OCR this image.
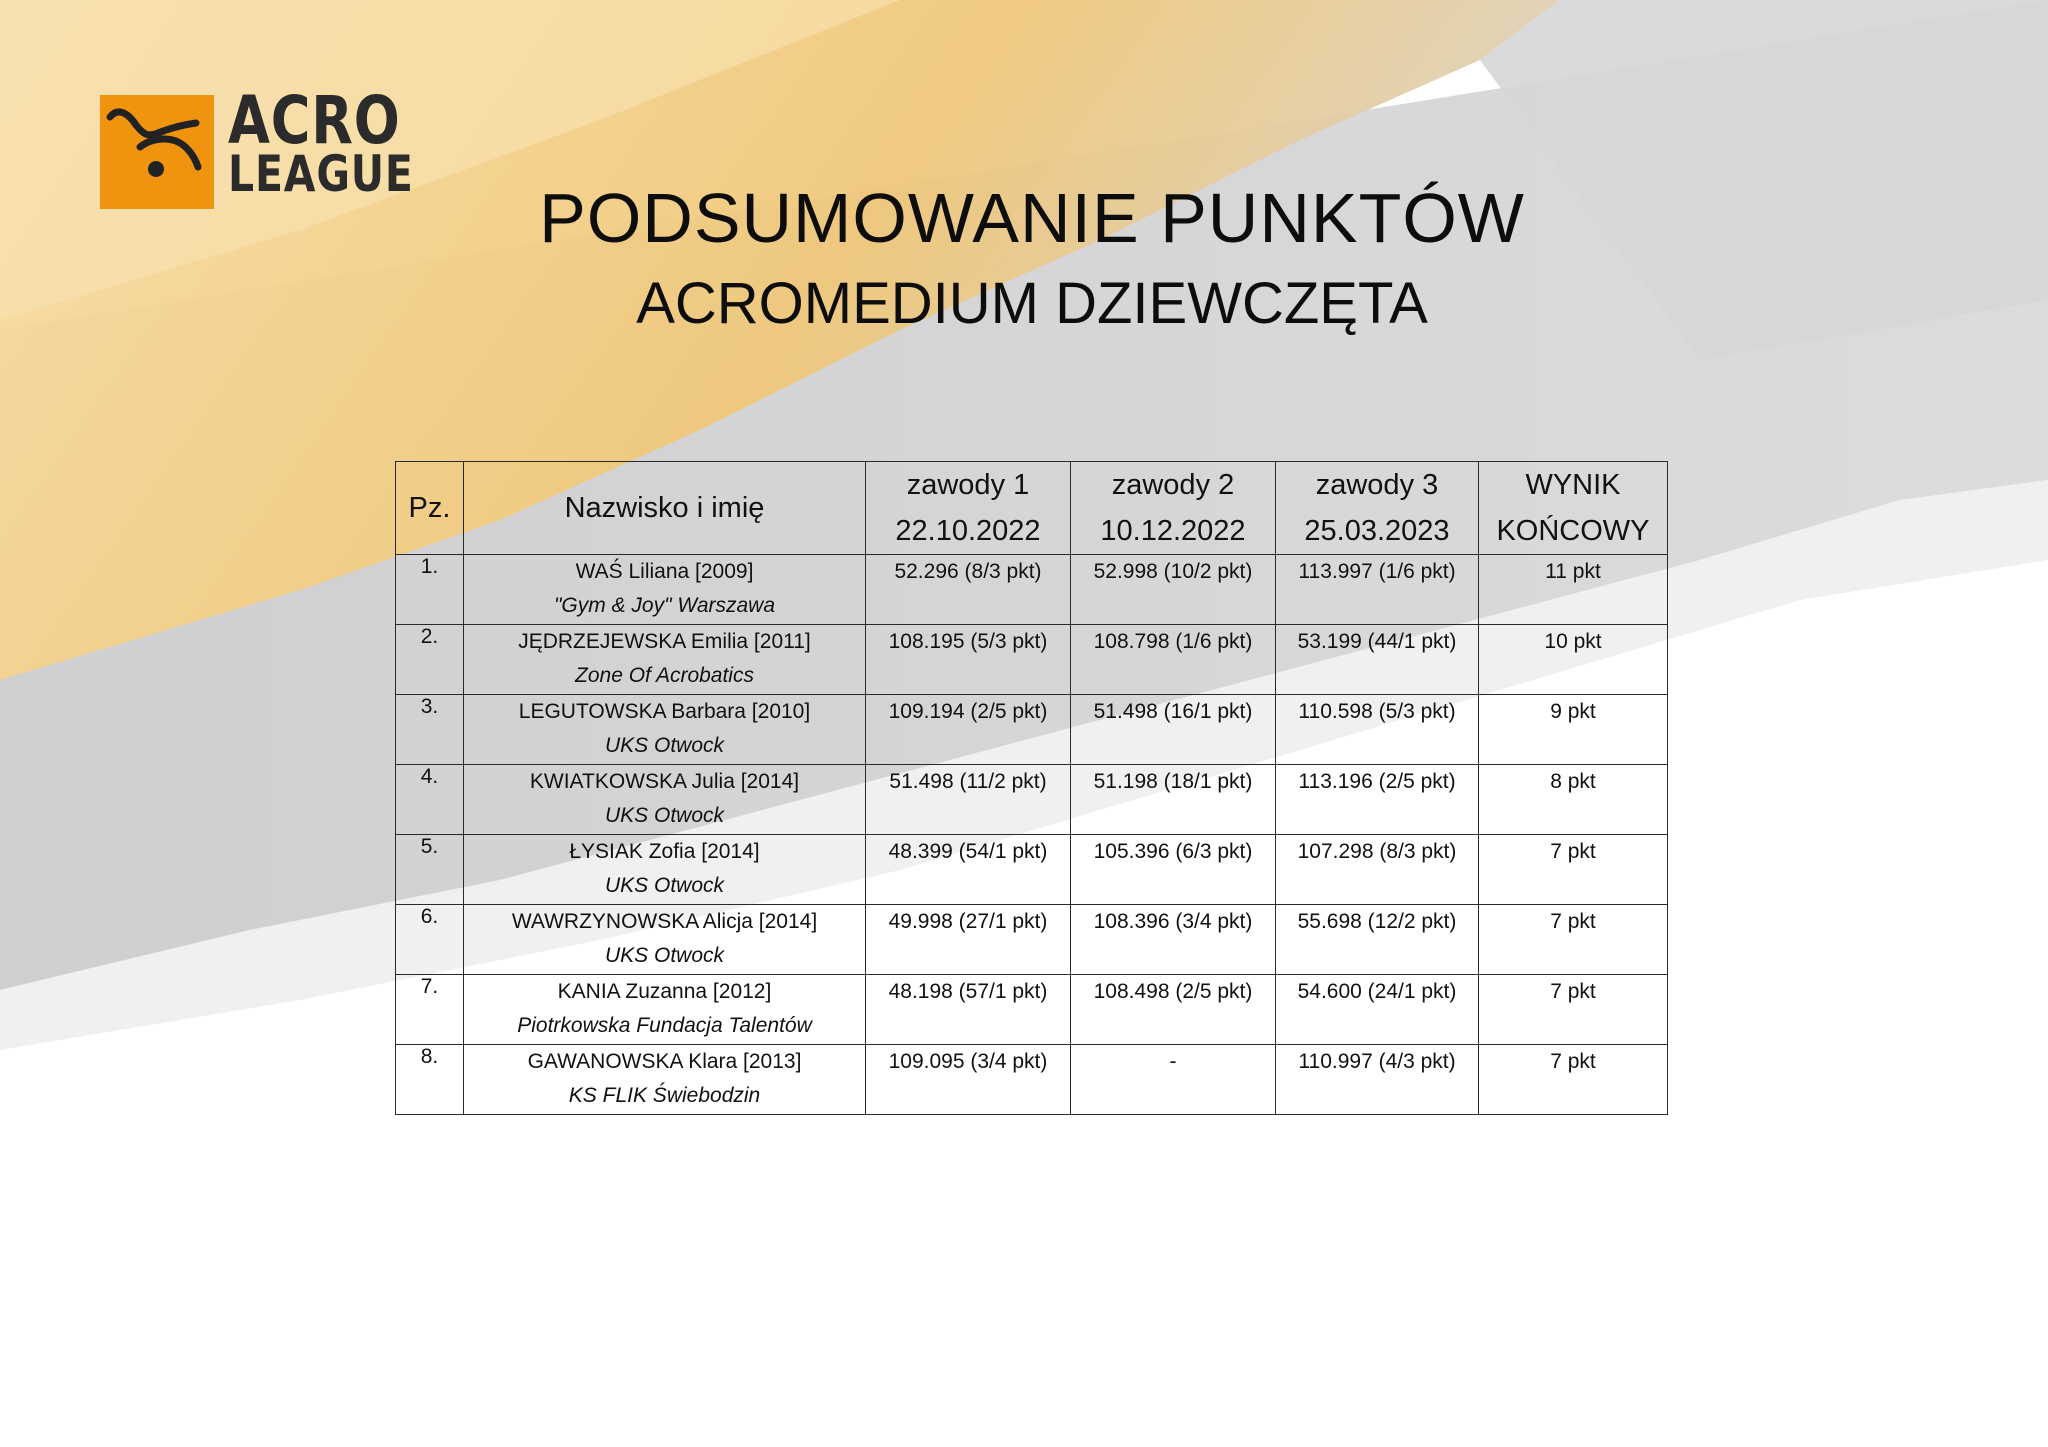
ACRO
LEAGUE
PODSUMOWANIE PUNKTÓW
ACROMEDIUM DZIEWCZĘTA
Pz.	Nazwisko i imię	zawody 1
22.10.2022	zawody 2
10.12.2022	zawody 3
25.03.2023	WYNIK
KOŃCOWY

1.	WAŚ Liliana [2009]
"Gym & Joy" Warszawa	52.296 (8/3 pkt)	52.998 (10/2 pkt)	113.997 (1/6 pkt)	11 pkt

2.	JĘDRZEJEWSKA Emilia [2011]
Zone Of Acrobatics	108.195 (5/3 pkt)	108.798 (1/6 pkt)	53.199 (44/1 pkt)	10 pkt

3.	LEGUTOWSKA Barbara [2010]
UKS Otwock	109.194 (2/5 pkt)	51.498 (16/1 pkt)	110.598 (5/3 pkt)	9 pkt

4.	KWIATKOWSKA Julia [2014]
UKS Otwock	51.498 (11/2 pkt)	51.198 (18/1 pkt)	113.196 (2/5 pkt)	8 pkt

5.	ŁYSIAK Zofia [2014]
UKS Otwock	48.399 (54/1 pkt)	105.396 (6/3 pkt)	107.298 (8/3 pkt)	7 pkt

6.	WAWRZYNOWSKA Alicja [2014]
UKS Otwock	49.998 (27/1 pkt)	108.396 (3/4 pkt)	55.698 (12/2 pkt)	7 pkt

7.	KANIA Zuzanna [2012]
Piotrkowska Fundacja Talentów	48.198 (57/1 pkt)	108.498 (2/5 pkt)	54.600 (24/1 pkt)	7 pkt

8.	GAWANOWSKA Klara [2013]
KS FLIK Świebodzin	109.095 (3/4 pkt)	-	110.997 (4/3 pkt)	7 pkt
